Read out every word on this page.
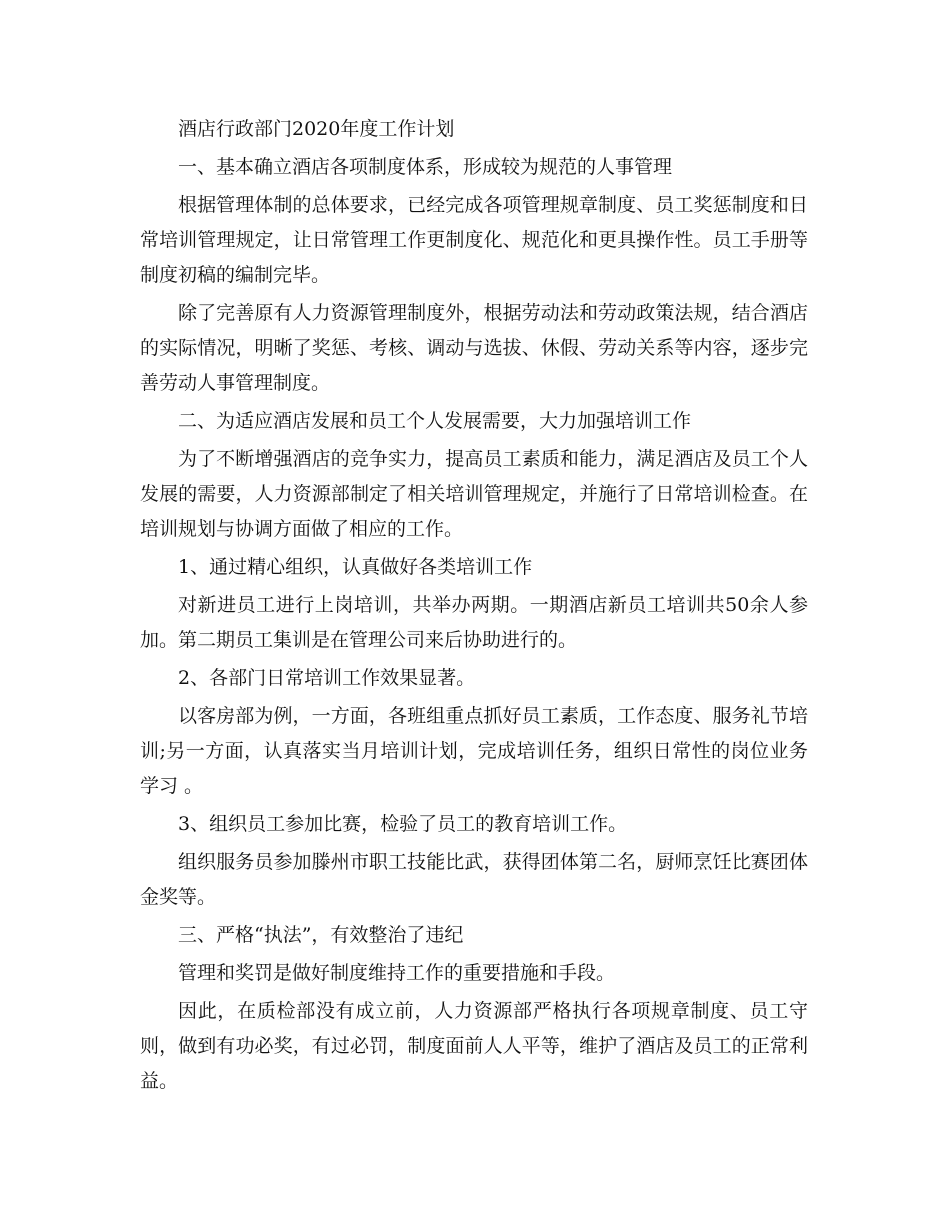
酒店行政部门2020年度工作计划

一、基本确立酒店各项制度体系，形成较为规范的人事管理

根据管理体制的总体要求，已经完成各项管理规章制度、员工奖惩制度和日常培训管理规定，让日常管理工作更制度化、规范化和更具操作性。员工手册等制度初稿的编制完毕。

除了完善原有人力资源管理制度外，根据劳动法和劳动政策法规，结合酒店的实际情况，明晰了奖惩、考核、调动与选拔、休假、劳动关系等内容，逐步完善劳动人事管理制度。

二、为适应酒店发展和员工个人发展需要，大力加强培训工作

为了不断增强酒店的竞争实力，提高员工素质和能力，满足酒店及员工个人发展的需要，人力资源部制定了相关培训管理规定，并施行了日常培训检查。在培训规划与协调方面做了相应的工作。

1、通过精心组织，认真做好各类培训工作

对新进员工进行上岗培训，共举办两期。一期酒店新员工培训共50余人参加。第二期员工集训是在管理公司来后协助进行的。

2、各部门日常培训工作效果显著。

以客房部为例，一方面，各班组重点抓好员工素质，工作态度、服务礼节培训;另一方面，认真落实当月培训计划，完成培训任务，组织日常性的岗位业务学习 。

3、组织员工参加比赛，检验了员工的教育培训工作。

组织服务员参加滕州市职工技能比武，获得团体第二名，厨师烹饪比赛团体金奖等。

三、严格“执法”，有效整治了违纪

管理和奖罚是做好制度维持工作的重要措施和手段。

因此，在质检部没有成立前，人力资源部严格执行各项规章制度、员工守则，做到有功必奖，有过必罚，制度面前人人平等，维护了酒店及员工的正常利益。
